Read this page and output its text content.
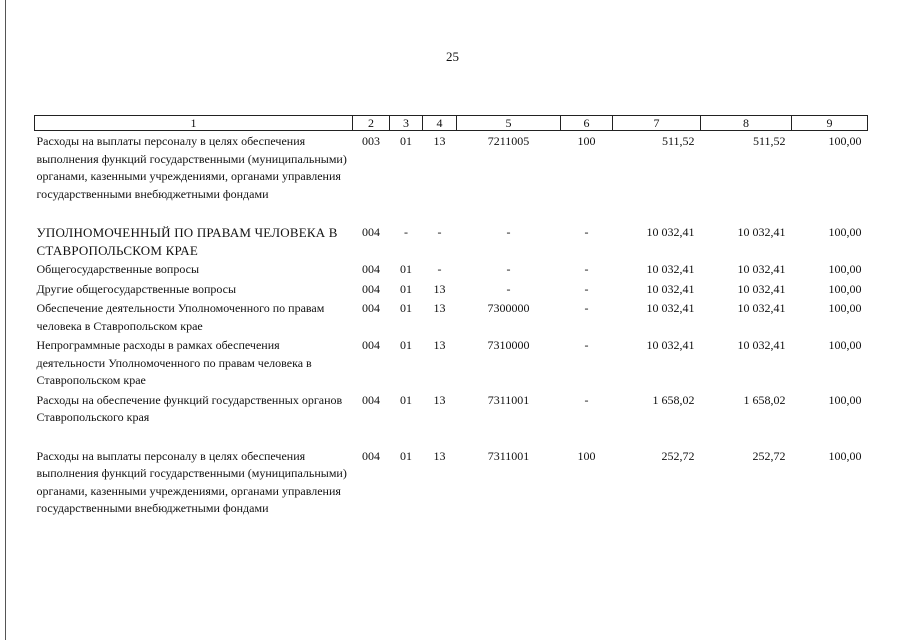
25
1	2	3	4	5	6	7	8	9
Расходы на выплаты персоналу в целях обеспечения выполнения функций государственными (муниципальными) органами, казенными учреждениями, органами управления государственными внебюджетными фондами	003	01	13	7211005	100	511,52	511,52	100,00

УПОЛНОМОЧЕННЫЙ ПО ПРАВАМ ЧЕЛОВЕКА В СТАВРОПОЛЬСКОМ КРАЕ	004	-	-	-	-	10 032,41	10 032,41	100,00
Общегосударственные вопросы	004	01	-	-	-	10 032,41	10 032,41	100,00
Другие общегосударственные вопросы	004	01	13	-	-	10 032,41	10 032,41	100,00
Обеспечение деятельности Уполномоченного по правам человека в Ставропольском крае	004	01	13	7300000	-	10 032,41	10 032,41	100,00
Непрограммные расходы в рамках обеспечения деятельности Уполномоченного по правам человека в Ставропольском крае	004	01	13	7310000	-	10 032,41	10 032,41	100,00
Расходы на обеспечение функций государственных органов Ставропольского края	004	01	13	7311001	-	1 658,02	1 658,02	100,00

Расходы на выплаты персоналу в целях обеспечения выполнения функций государственными (муниципальными) органами, казенными учреждениями, органами управления государственными внебюджетными фондами	004	01	13	7311001	100	252,72	252,72	100,00
